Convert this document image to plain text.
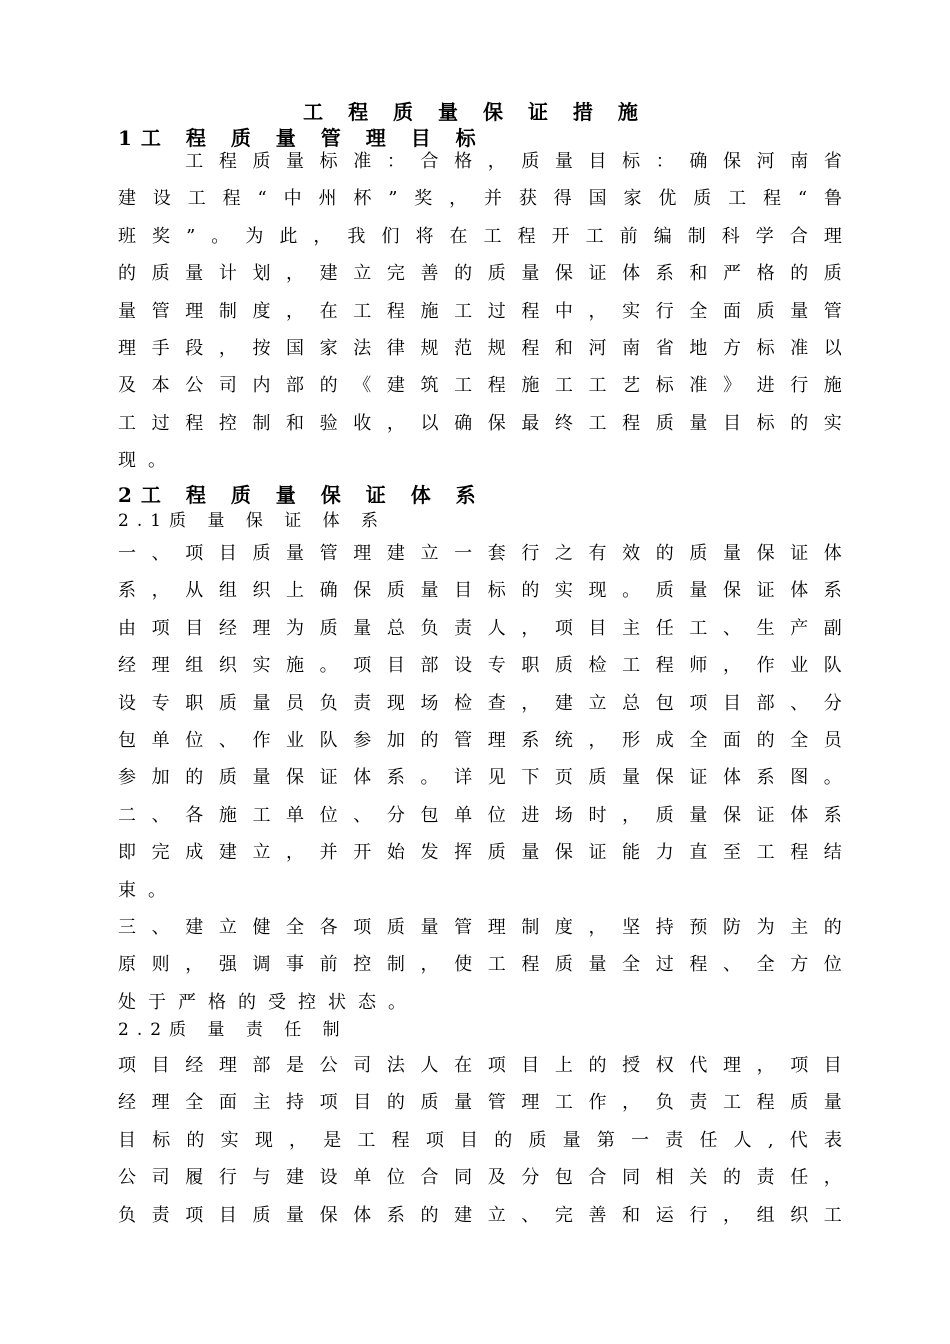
工 程 质 量 保 证 措 施
1工 程 质 量 管 理 目 标

工 程 质 量 标 准 ： 合 格 ， 质 量 目 标 ： 确 保 河 南 省
建 设 工 程 “ 中 州 杯 ” 奖 ， 并 获 得 国 家 优 质 工 程 “ 鲁
班 奖 ” 。 为 此 ， 我 们 将 在 工 程 开 工 前 编 制 科 学 合 理
的 质 量 计 划 ， 建 立 完 善 的 质 量 保 证 体 系 和 严 格 的 质
量 管 理 制 度 ， 在 工 程 施 工 过 程 中 ， 实 行 全 面 质 量 管
理 手 段 ， 按 国 家 法 律 规 范 规 程 和 河 南 省 地 方 标 准 以
及 本 公 司 内 部 的 《 建 筑 工 程 施 工 工 艺 标 准 》 进 行 施
工 过 程 控 制 和 验 收 ， 以 确 保 最 终 工 程 质 量 目 标 的 实
现。
2工 程 质 量 保 证 体 系
2.1质 量 保 证 体 系
一 、 项 目 质 量 管 理 建 立 一 套 行 之 有 效 的 质 量 保 证 体
系 ， 从 组 织 上 确 保 质 量 目 标 的 实 现 。 质 量 保 证 体 系
由 项 目 经 理 为 质 量 总 负 责 人 ， 项 目 主 任 工 、 生 产 副
经 理 组 织 实 施 。 项 目 部 设 专 职 质 检 工 程 师 ， 作 业 队
设 专 职 质 量 员 负 责 现 场 检 查 ， 建 立 总 包 项 目 部 、 分
包 单 位 、 作 业 队 参 加 的 管 理 系 统 ， 形 成 全 面 的 全 员
参 加 的 质 量 保 证 体 系 。 详 见 下 页 质 量 保 证 体 系 图 。
二 、 各 施 工 单 位 、 分 包 单 位 进 场 时 ， 质 量 保 证 体 系
即 完 成 建 立 ， 并 开 始 发 挥 质 量 保 证 能 力 直 至 工 程 结
束。
三 、 建 立 健 全 各 项 质 量 管 理 制 度 ， 坚 持 预 防 为 主 的
原 则 ， 强 调 事 前 控 制 ， 使 工 程 质 量 全 过 程 、 全 方 位
处于严格的受控状态。
2.2质 量 责 任 制
项 目 经 理 部 是 公 司 法 人 在 项 目 上 的 授 权 代 理 ， 项 目
经 理 全 面 主 持 项 目 的 质 量 管 理 工 作 ， 负 责 工 程 质 量
目 标 的 实 现 ， 是 工 程 项 目 的 质 量 第 一 责 任 人 , 代 表
公 司 履 行 与 建 设 单 位 合 同 及 分 包 合 同 相 关 的 责 任 ，
负 责 项 目 质 量 保 体 系 的 建 立 、 完 善 和 运 行 ， 组 织 工
